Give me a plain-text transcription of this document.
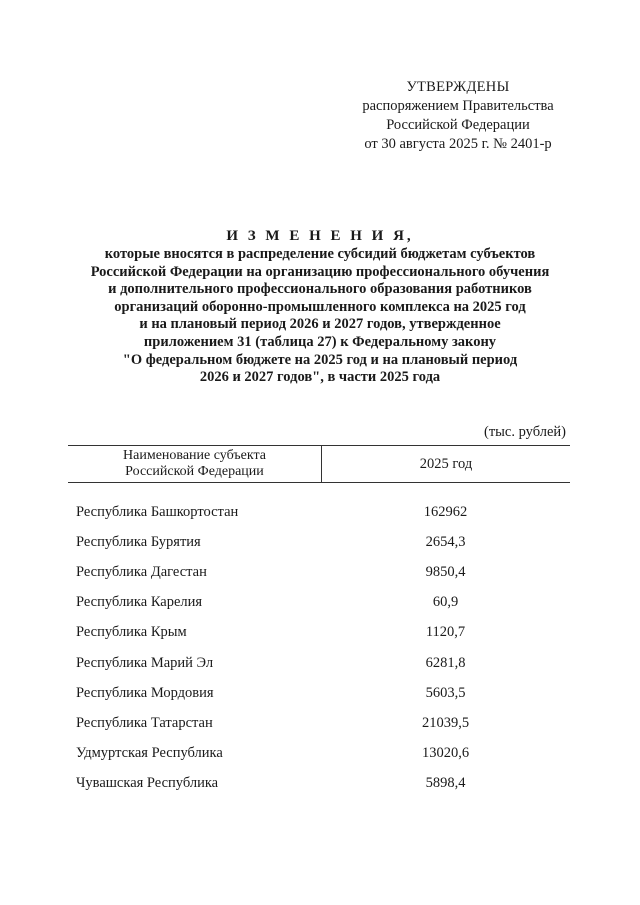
УТВЕРЖДЕНЫ
распоряжением Правительства
Российской Федерации
от 30 августа 2025 г. № 2401-р
И З М Е Н Е Н И Я,
которые вносятся в распределение субсидий бюджетам субъектов
Российской Федерации на организацию профессионального обучения
и дополнительного профессионального образования работников
организаций оборонно-промышленного комплекса на 2025 год
и на плановый период 2026 и 2027 годов, утвержденное
приложением 31 (таблица 27) к Федеральному закону
"О федеральном бюджете на 2025 год и на плановый период
2026 и 2027 годов", в части 2025 года
(тыс. рублей)
Наименование субъекта
Российской Федерации	2025 год
Республика Башкортостан	162962
Республика Бурятия	2654,3
Республика Дагестан	9850,4
Республика Карелия	60,9
Республика Крым	1120,7
Республика Марий Эл	6281,8
Республика Мордовия	5603,5
Республика Татарстан	21039,5
Удмуртская Республика	13020,6
Чувашская Республика	5898,4
